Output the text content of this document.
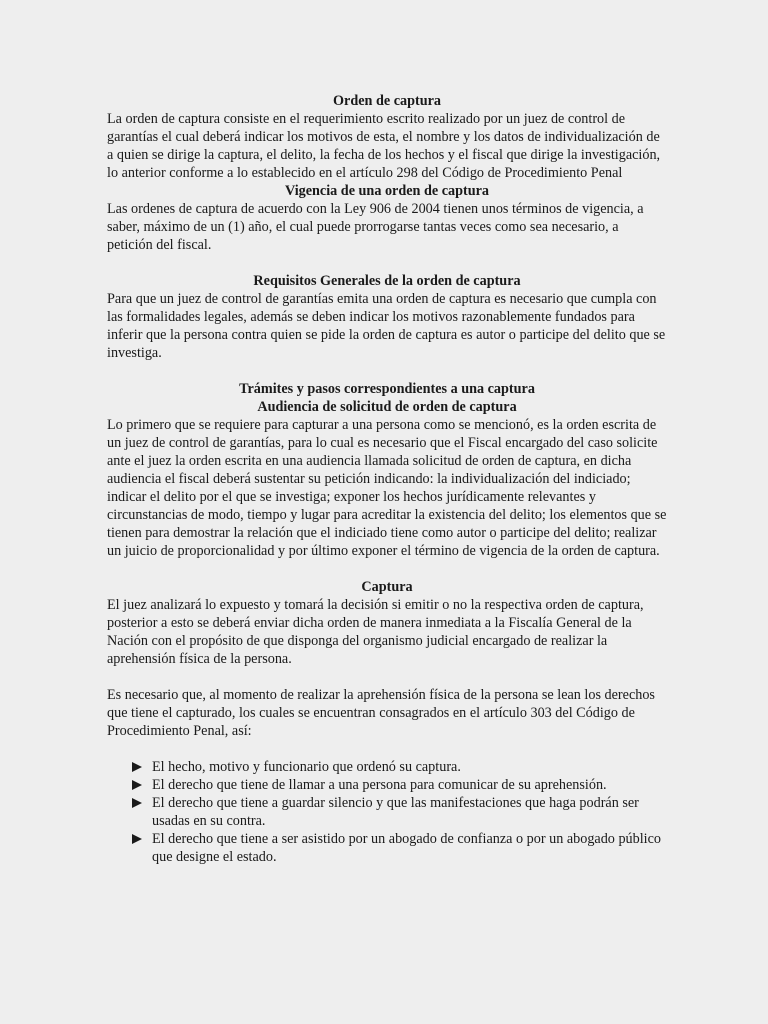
Orden de captura

La orden de captura consiste en el requerimiento escrito realizado por un juez de control de garantías el cual deberá indicar los motivos de esta, el nombre y los datos de individualización de a quien se dirige la captura, el delito, la fecha de los hechos y el fiscal que dirige la investigación, lo anterior conforme a lo establecido en el artículo 298 del Código de Procedimiento Penal

Vigencia de una orden de captura

Las ordenes de captura de acuerdo con la Ley 906 de 2004 tienen unos términos de vigencia, a saber, máximo de un (1) año, el cual puede prorrogarse tantas veces como sea necesario, a petición del fiscal.

Requisitos Generales de la orden de captura

Para que un juez de control de garantías emita una orden de captura es necesario que cumpla con las formalidades legales, además se deben indicar los motivos razonablemente fundados para inferir que la persona contra quien se pide la orden de captura es autor o participe del delito que se investiga.

Trámites y pasos correspondientes a una captura
Audiencia de solicitud de orden de captura

Lo primero que se requiere para capturar a una persona como se mencionó, es la orden escrita de un juez de control de garantías, para lo cual es necesario que el Fiscal encargado del caso solicite ante el juez la orden escrita en una audiencia llamada solicitud de orden de captura, en dicha audiencia el fiscal deberá sustentar su petición indicando: la individualización del indiciado; indicar el delito por el que se investiga; exponer los hechos jurídicamente relevantes y circunstancias de modo, tiempo y lugar para acreditar la existencia del delito; los elementos que se tienen para demostrar la relación que el indiciado tiene como autor o participe del delito; realizar un juicio de proporcionalidad y por último exponer el término de vigencia de la orden de captura.

Captura

El juez analizará lo expuesto y tomará la decisión si emitir o no la respectiva orden de captura, posterior a esto se deberá enviar dicha orden de manera inmediata a la Fiscalía General de la Nación con el propósito de que disponga del organismo judicial encargado de realizar la aprehensión física de la persona.

Es necesario que, al momento de realizar la aprehensión física de la persona se lean los derechos que tiene el capturado, los cuales se encuentran consagrados en el artículo 303 del Código de Procedimiento Penal, así:

El hecho, motivo y funcionario que ordenó su captura.
El derecho que tiene de llamar a una persona para comunicar de su aprehensión.
El derecho que tiene a guardar silencio y que las manifestaciones que haga podrán ser usadas en su contra.
El derecho que tiene a ser asistido por un abogado de confianza o por un abogado público que designe el estado.
